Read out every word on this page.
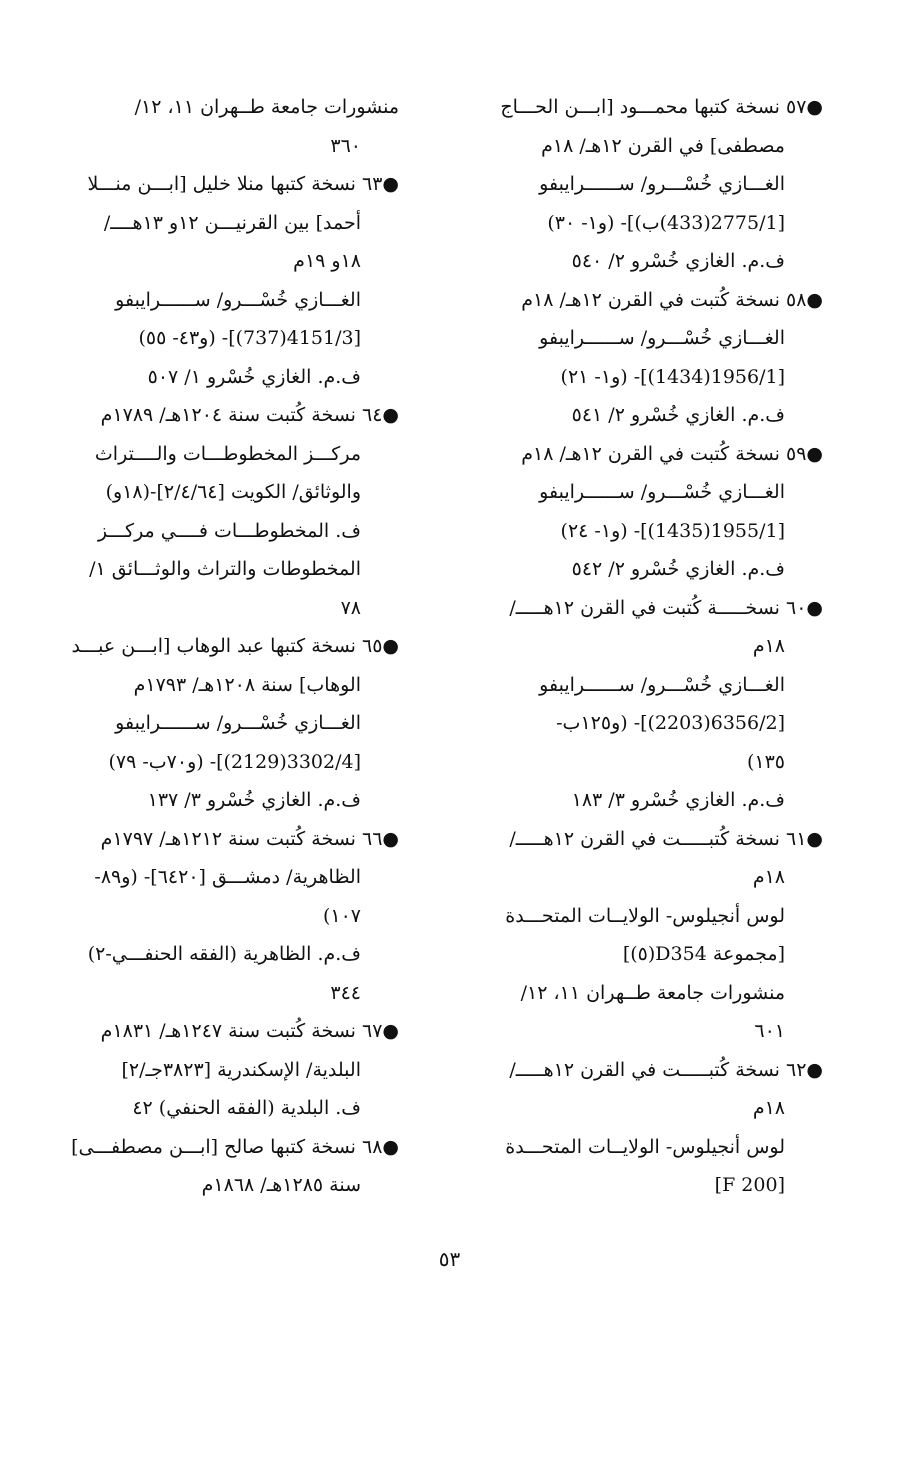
●٥٧ نسخة كتبها محمـــود [ابـــن الحـــاج
مصطفى] في القرن ١٢هـ/ ١٨م
الغـــازي خُسْـــرو/ ســــــرايبفو
[2775/1(433)ب)]- (و١- ٣٠)
ف.م. الغازي خُسْرو ٢/ ٥٤٠
●٥٨ نسخة كُتبت في القرن ١٢هـ/ ١٨م
الغـــازي خُسْـــرو/ ســــــرايبفو
[1956/1(1434)]- (و١- ٢١)
ف.م. الغازي خُسْرو ٢/ ٥٤١
●٥٩ نسخة كُتبت في القرن ١٢هـ/ ١٨م
الغـــازي خُسْـــرو/ ســــــرايبفو
[1955/1(1435)]- (و١- ٢٤)
ف.م. الغازي خُسْرو ٢/ ٥٤٢
●٦٠ نسخـــــة كُتبت في القرن ١٢هـــــ/
١٨م
الغـــازي خُسْـــرو/ ســــــرايبفو
[6356/2(2203)]- (و١٢٥ب-
١٣٥)
ف.م. الغازي خُسْرو ٣/ ١٨٣
●٦١ نسخة كُتبـــــت في القرن ١٢هـــــ/
١٨م
لوس أنجيلوس- الولايــات المتحـــدة
[مجموعة D354(٥)]
منشورات جامعة طــهران ١١، ١٢/
٦٠١
●٦٢ نسخة كُتبـــــت في القرن ١٢هـــــ/
١٨م
لوس أنجيلوس- الولايــات المتحـــدة
[F 200]
منشورات جامعة طــهران ١١، ١٢/
٣٦٠
●٦٣ نسخة كتبها منلا خليل [ابـــن منـــلا
أحمد] بين القرنيـــن ١٢و ١٣هــــ/
١٨و ١٩م
الغـــازي خُسْـــرو/ ســــــرايبفو
[4151/3(737)]- (و٤٣- ٥٥)
ف.م. الغازي خُسْرو ١/ ٥٠٧
●٦٤ نسخة كُتبت سنة ١٢٠٤هـ/ ١٧٨٩م
مركـــز المخطوطـــات والــــتراث
والوثائق/ الكويت [٢/٤/٦٤]-(١٨و)
ف. المخطوطـــات فــــي مركـــز
المخطوطات والتراث والوثـــائق ١/
٧٨
●٦٥ نسخة كتبها عبد الوهاب [ابـــن عبـــد
الوهاب] سنة ١٢٠٨هـ/ ١٧٩٣م
الغـــازي خُسْـــرو/ ســــــرايبفو
[3302/4(2129)]- (و٧٠ب- ٧٩)
ف.م. الغازي خُسْرو ٣/ ١٣٧
●٦٦ نسخة كُتبت سنة ١٢١٢هـ/ ١٧٩٧م
الظاهرية/ دمشـــق [٦٤٢٠]- (و٨٩-
١٠٧)
ف.م. الظاهرية (الفقه الحنفـــي-٢)
٣٤٤
●٦٧ نسخة كُتبت سنة ١٢٤٧هـ/ ١٨٣١م
البلدية/ الإسكندرية [٣٨٢٣جـ/٢]
ف. البلدية (الفقه الحنفي) ٤٢
●٦٨ نسخة كتبها صالح [ابـــن مصطفـــى]
سنة ١٢٨٥هـ/ ١٨٦٨م
٥٣
